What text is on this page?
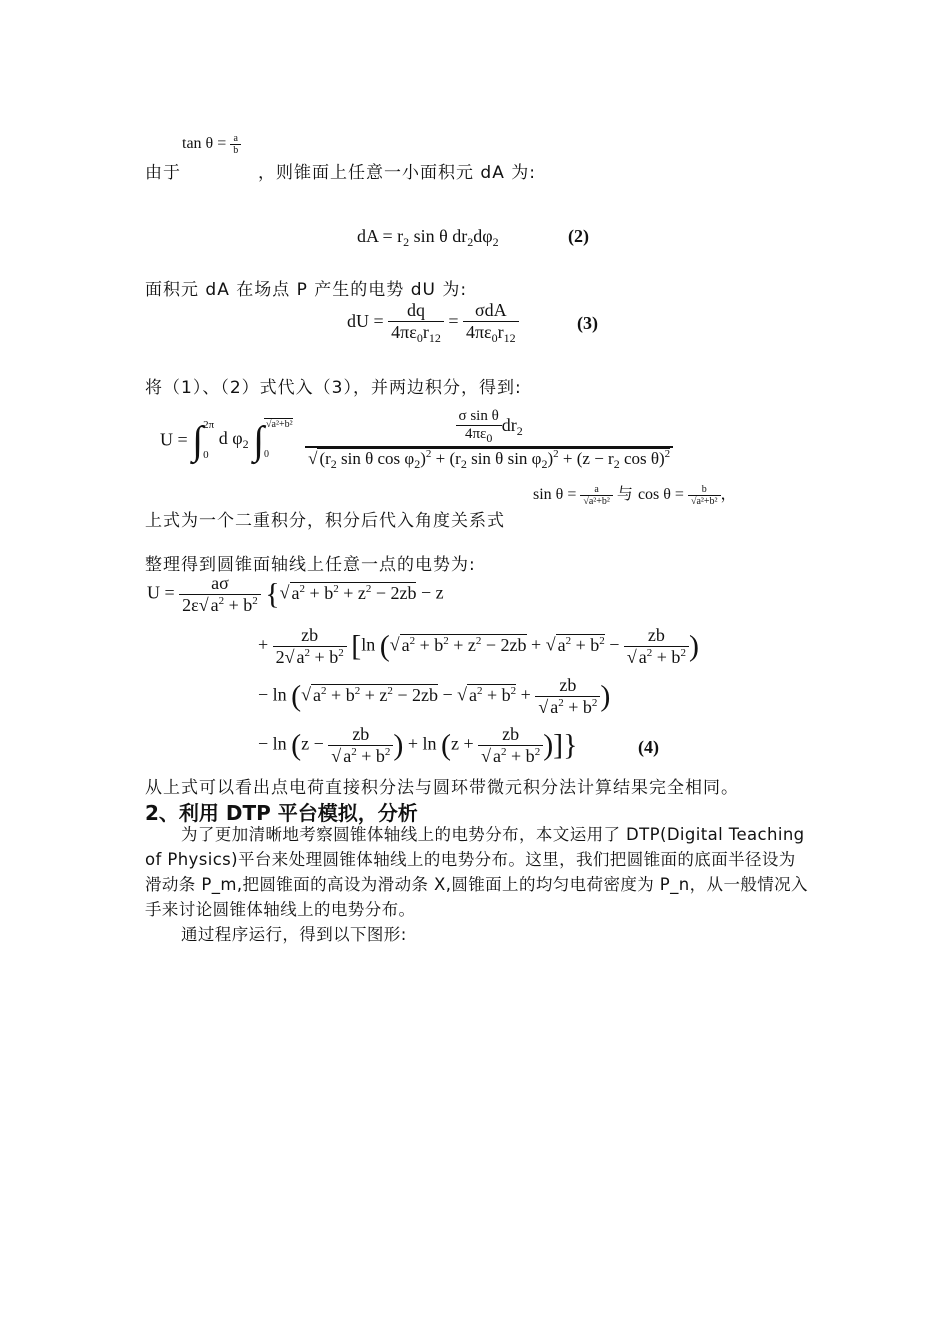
$\tan \theta = \frac{a}{b}$
由于	，则锥面上任意一小面积元 dA 为:
dA = $r_2$ sin θ $dr_2d\varphi_2$	(2)
面积元 dA 在场点 P 产生的电势 dU 为:
dU = $\frac{dq}{4\pi\varepsilon_0r_{12}} = \frac{\text{σdA}}{4\pi\varepsilon_0r_{12}}$	(3)
将（1）、（2）式代入（3），并两边积分，得到:
U = ∫ 2π
0
d $\varphi_2$ ∫ √a²+b²
0
	$\frac{\frac{\text{σ sin θ}}{4\pi\varepsilon_0} dr_2}{√ (r_2 \sin \theta \cos \varphi_2)^2 + (r_2 \sin \theta \sin \varphi_2)^2 + (z - r_2 \cos \theta)^2}$
上式为一个二重积分，积分后代入角度关系式
$\sin \theta = \frac{a}{\text{√a²+b²}}$ 与 $\cos \theta = \frac{b}{\text{√a²+b²}}$ ，
整理得到圆锥面轴线上任意一点的电势为:
$U = \frac{a\sigma}{2\varepsilon√ a^2 + b^2}$ {√ $a^2 + b^2 + z^2 - 2zb - z$
+ $\frac{zb}{2√ a^2 + b^2} [\ln$ (√ $a^2 + b^2 + z^2 - 2zb$ + √ $a^2 + b^2 - \frac{zb}{√ a^2 + b^2}$ )
− ln (√ $a^2 + b^2 + z^2 - 2zb$ − √ $a^2 + b^2 + \frac{zb}{√ a^2 + b^2}$ )
− $\ln (z - \frac{zb}{√ a^2 + b^2}$ ) + $\ln (z + \frac{zb}{√ a^2 + b^2}$ )]}	(4)
从上式可以看出点电荷直接积分法与圆环带微元积分法计算结果完全相同。
2、利用 DTP 平台模拟，分析
为了更加清晰地考察圆锥体轴线上的电势分布，本文运用了 DTP(Digital Teaching of Physics)平台来处理圆锥体轴线上的电势分布。这里，我们把圆锥面的底面半径设为滑动条 P_m,把圆锥面的高设为滑动条 X,圆锥面上的均匀电荷密度为 P_n，从一般情况入手来讨论圆锥体轴线上的电势分布。
通过程序运行，得到以下图形:
